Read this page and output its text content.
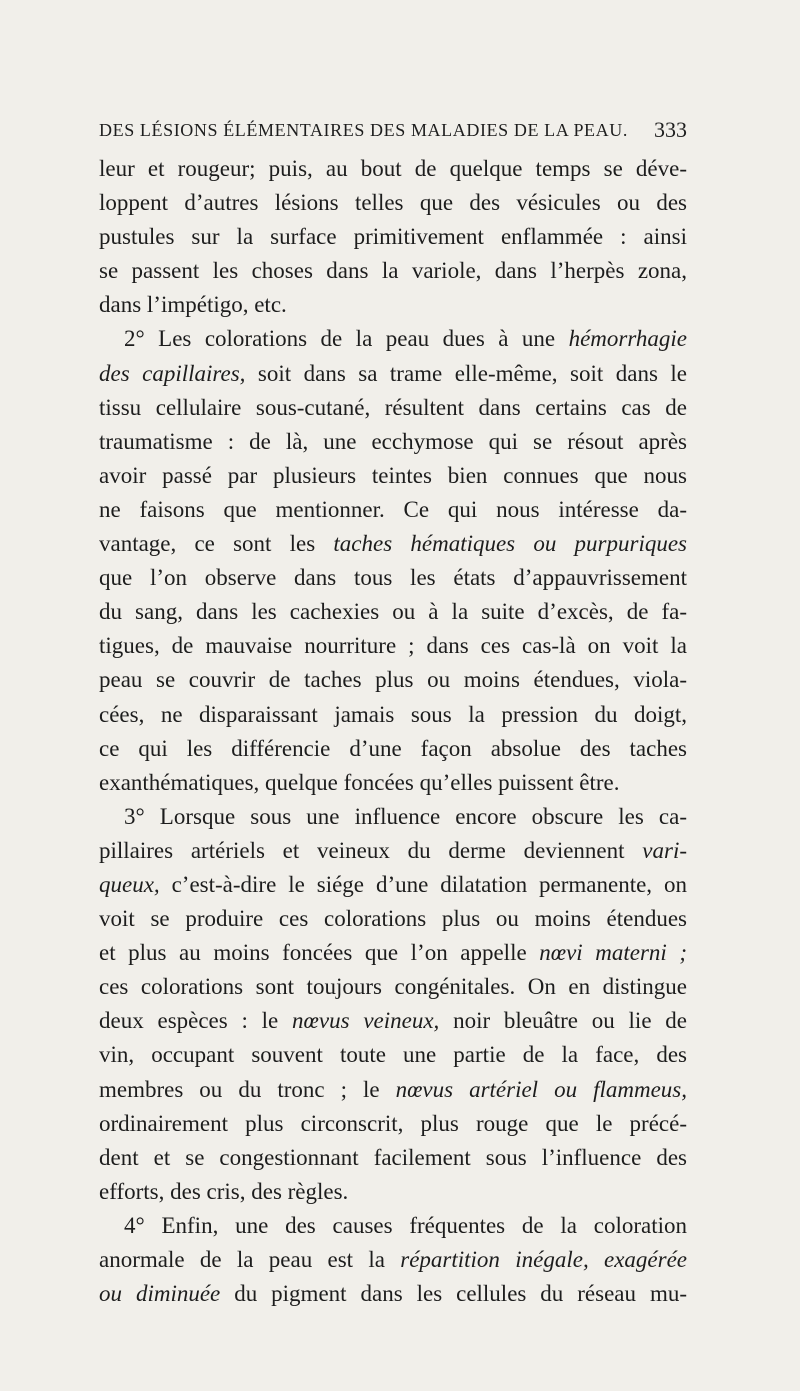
DES LÉSIONS ÉLÉMENTAIRES DES MALADIES DE LA PEAU. 333
leur et rougeur; puis, au bout de quelque temps se déve-
loppent d’autres lésions telles que des vésicules ou des
pustules sur la surface primitivement enflammée : ainsi
se passent les choses dans la variole, dans l’herpès zona,
dans l’impétigo, etc.
2° Les colorations de la peau dues à une hémorrhagie
des capillaires, soit dans sa trame elle-même, soit dans le
tissu cellulaire sous-cutané, résultent dans certains cas de
traumatisme : de là, une ecchymose qui se résout après
avoir passé par plusieurs teintes bien connues que nous
ne faisons que mentionner. Ce qui nous intéresse da-
vantage, ce sont les taches hématiques ou purpuriques
que l’on observe dans tous les états d’appauvrissement
du sang, dans les cachexies ou à la suite d’excès, de fa-
tigues, de mauvaise nourriture ; dans ces cas-là on voit la
peau se couvrir de taches plus ou moins étendues, viola-
cées, ne disparaissant jamais sous la pression du doigt,
ce qui les différencie d’une façon absolue des taches
exanthématiques, quelque foncées qu’elles puissent être.
3° Lorsque sous une influence encore obscure les ca-
pillaires artériels et veineux du derme deviennent vari-
queux, c’est-à-dire le siége d’une dilatation permanente, on
voit se produire ces colorations plus ou moins étendues
et plus au moins foncées que l’on appelle nœvi materni ;
ces colorations sont toujours congénitales. On en distingue
deux espèces : le nœvus veineux, noir bleuâtre ou lie de
vin, occupant souvent toute une partie de la face, des
membres ou du tronc ; le nœvus artériel ou flammeus,
ordinairement plus circonscrit, plus rouge que le précé-
dent et se congestionnant facilement sous l’influence des
efforts, des cris, des règles.
4° Enfin, une des causes fréquentes de la coloration
anormale de la peau est la répartition inégale, exagérée
ou diminuée du pigment dans les cellules du réseau mu-
